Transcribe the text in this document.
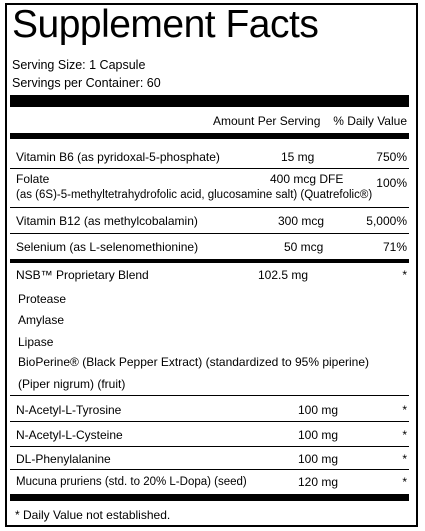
Supplement Facts
Serving Size: 1 Capsule
Servings per Container: 60
Amount Per Serving % Daily Value
Vitamin B6 (as pyridoxal-5-phosphate)	15 mg	750%
Folate
(as (6S)-5-methyltetrahydrofolic acid, glucosamine salt) (Quatrefolic®)
400 mcg DFE	100%
Vitamin B12 (as methylcobalamin)	300 mcg	5,000%
Selenium (as L-selenomethionine)	50 mcg	71%
NSB™ Proprietary Blend	102.5 mg	*
Protease
Amylase
Lipase
BioPerine® (Black Pepper Extract) (standardized to 95% piperine)
(Piper nigrum) (fruit)
N-Acetyl-L-Tyrosine	100 mg	*
N-Acetyl-L-Cysteine	100 mg	*
DL-Phenylalanine	100 mg	*
Mucuna pruriens (std. to 20% L-Dopa) (seed)	120 mg	*
* Daily Value not established.
